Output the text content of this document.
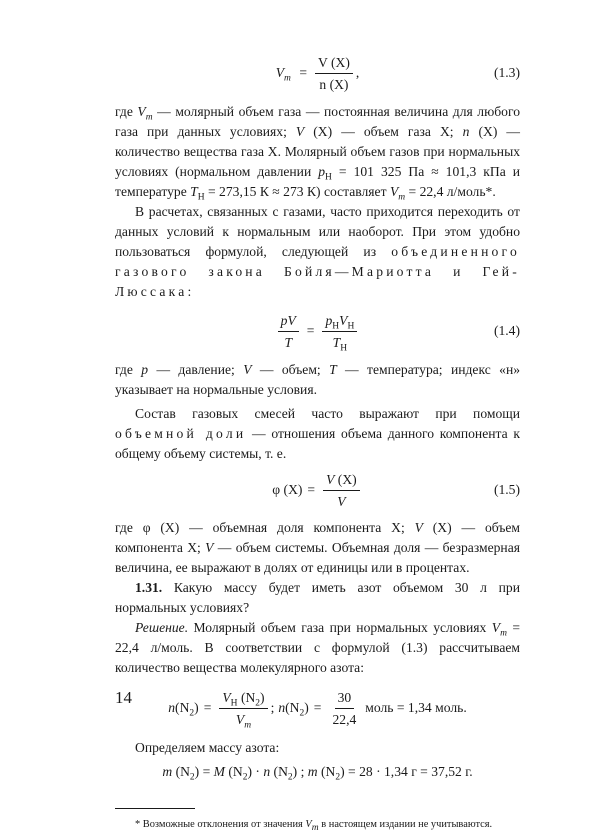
$V_m = \frac{V (X)}{n (X)}$ ,	(1.3)

где $V_m$ — молярный объем газа — постоянная величина для любого газа при данных условиях; V (X) — объем газа X; n (X) — количество вещества газа X. Молярный объем газов при нормальных условиях (нормальном давлении $p_Н = 101$ 325 Па ≈ 101,3 кПа и температуре $T_Н = 273,15$ К ≈ 273 К) составляет $V_m = 22,4$ л/моль*.

В расчетах, связанных с газами, часто приходится переходить от данных условий к нормальным или наоборот. При этом удобно пользоваться формулой, следующей из объединенного газового закона Бойля—Мариотта и Гей-Люссака:

$\frac{pV}{T} = \frac{p_НV_Н}{T_Н}$	(1.4)

где p — давление; V — объем; T — температура; индекс «н» указывает на нормальные условия.

Состав газовых смесей часто выражают при помощи объемной доли — отношения объема данного компонента к общему объему системы, т. е.

φ $(X) = \frac{V (X)}{V}$	(1.5)

где φ (X) — объемная доля компонента X; V (X) — объем компонента X; V — объем системы. Объемная доля — безразмерная величина, ее выражают в долях от единицы или в процентах.

1.31. Какую массу будет иметь азот объемом 30 л при нормальных условиях?

Решение. Молярный объем газа при нормальных условиях $V_m = 22,4$ л/моль. В соответствии с формулой (1.3) рассчитываем количество вещества молекулярного азота:

$n(N_2) = \frac{V_Н (N_2)}{V_m}$ ; $n(N_2) = \frac{30}{22,4}$ моль = 1,34 моль.

Определяем массу азота:

m $(N_2) = M$ $(N_2) \cdot n$ $(N_2)$ ; m $(N_2) = 28 \cdot 1,34$ г = 37,52 г.

* Возможные отклонения от значения $V_m$ в настоящем издании не учитываются.

14
